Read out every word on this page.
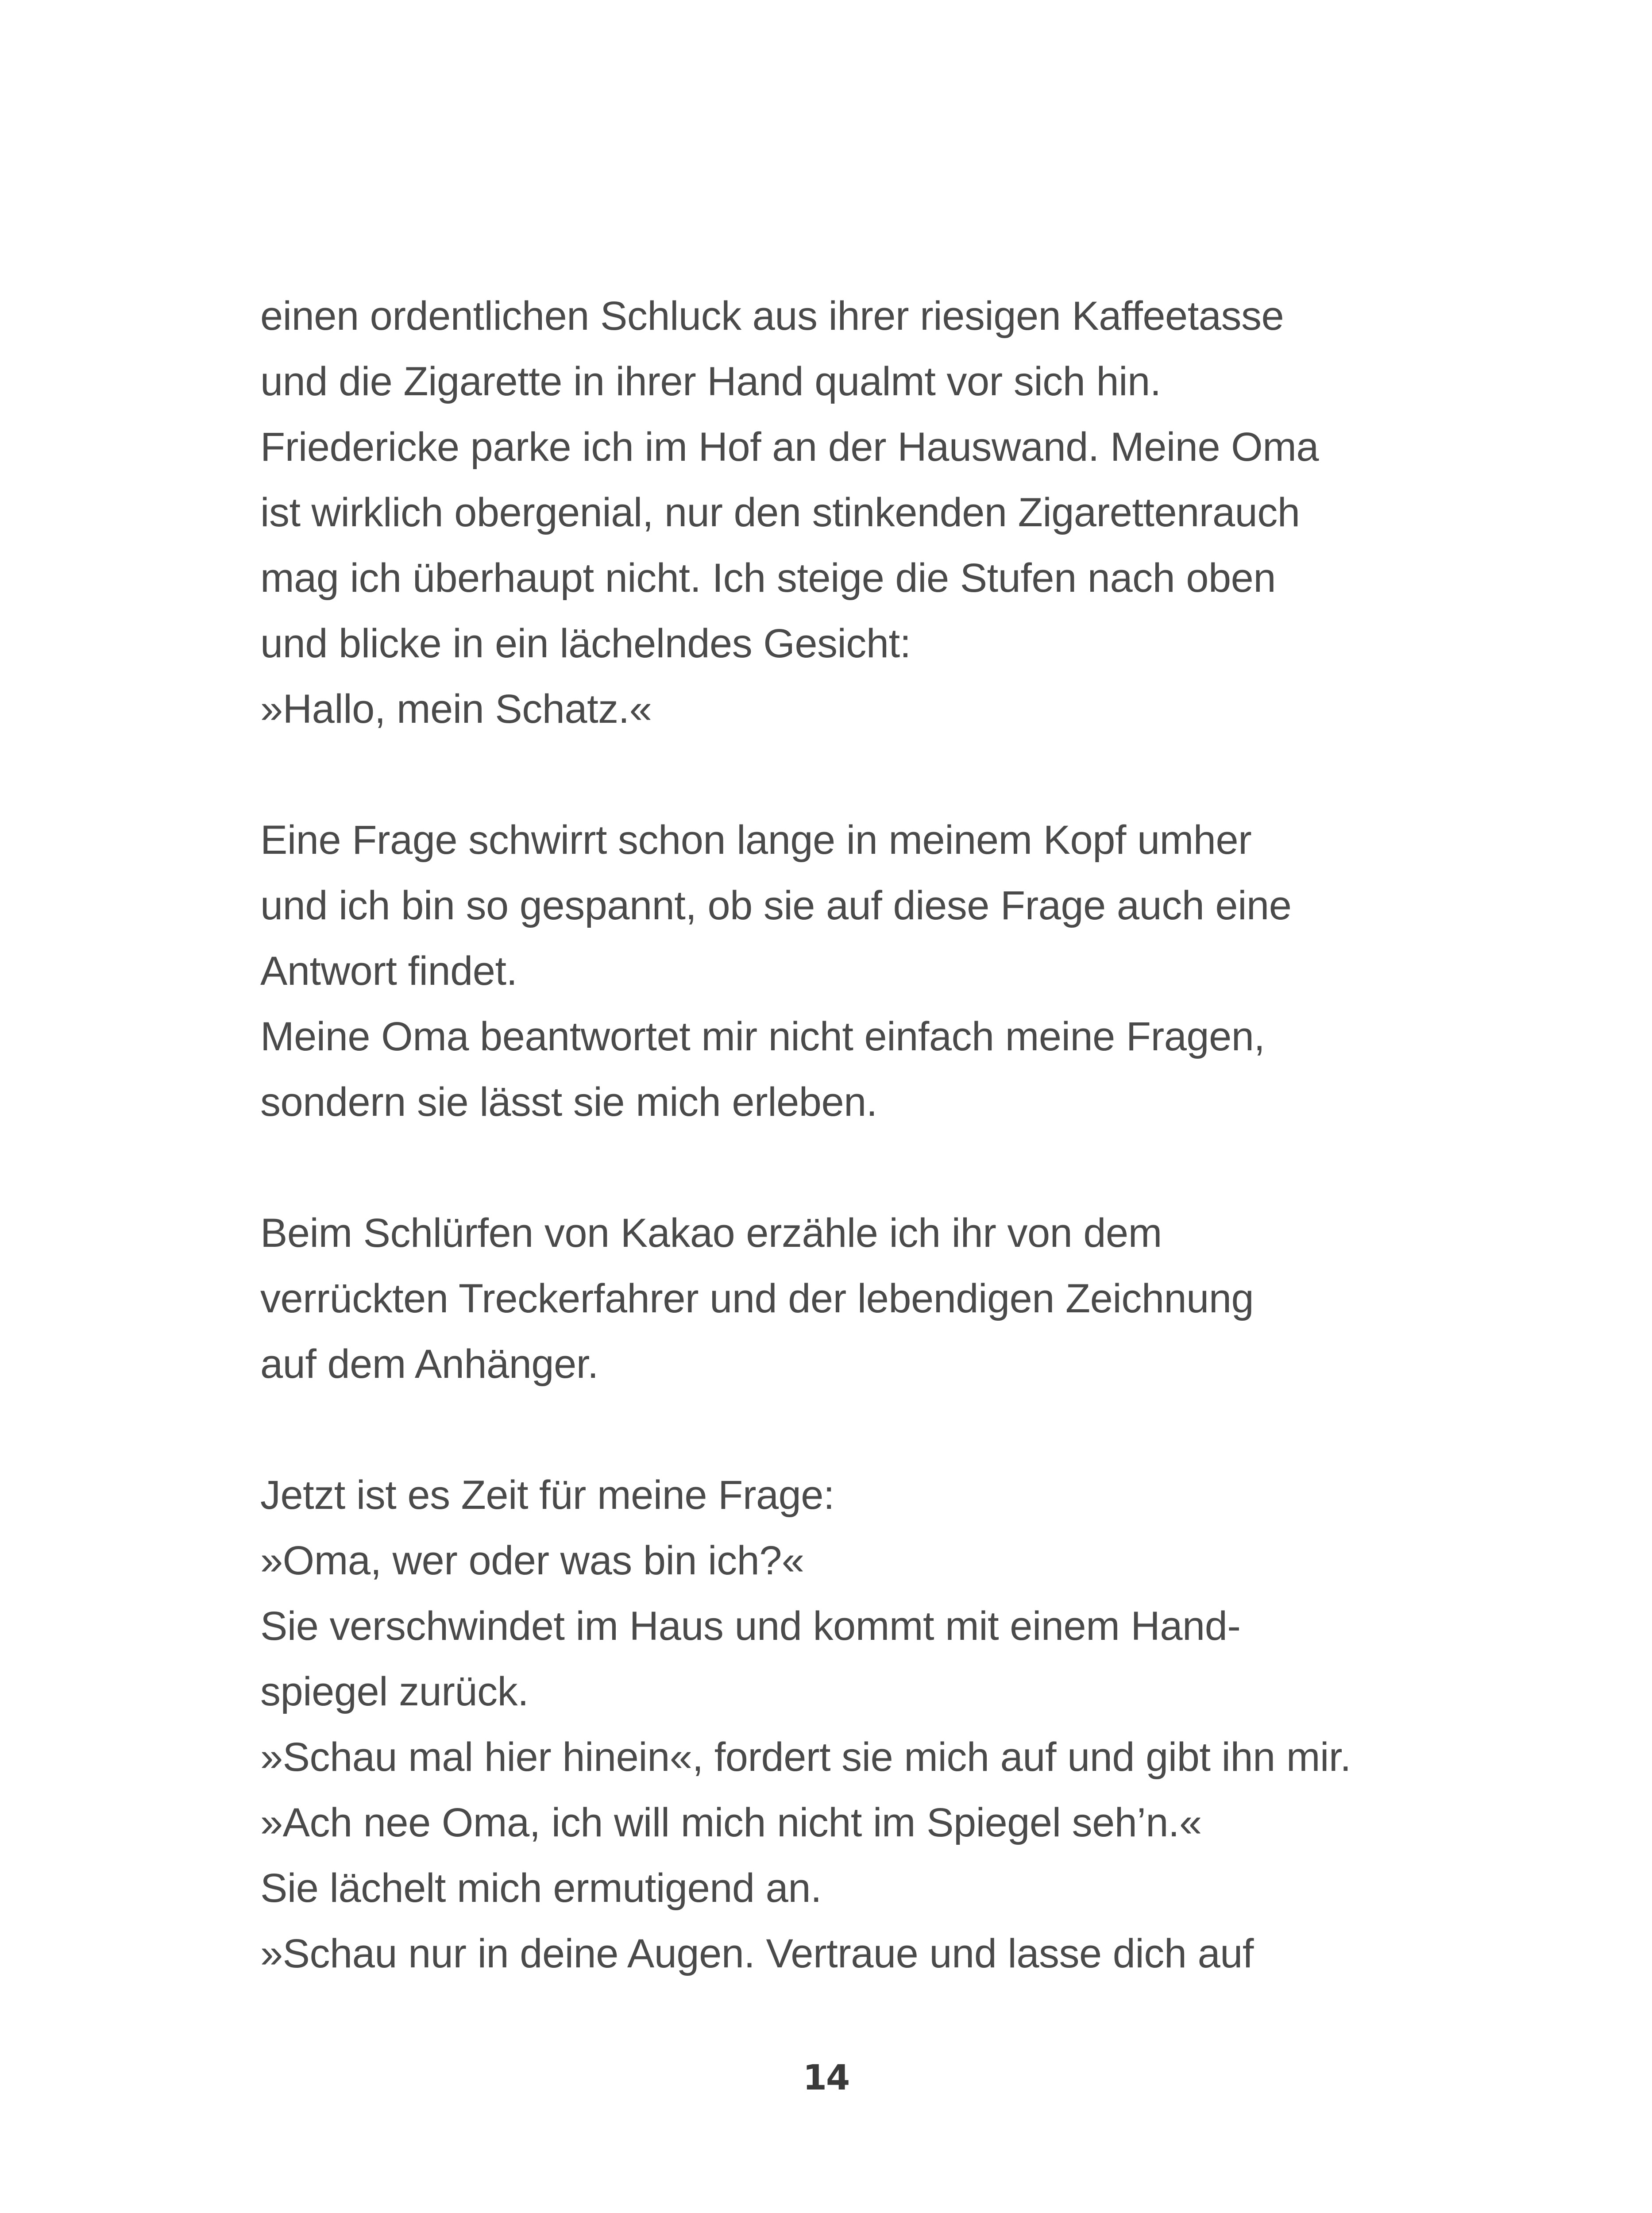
einen ordentlichen Schluck aus ihrer riesigen Kaffeetasse
und die Zigarette in ihrer Hand qualmt vor sich hin.
Friedericke parke ich im Hof an der Hauswand. Meine Oma
ist wirklich obergenial, nur den stinkenden Zigarettenrauch
mag ich überhaupt nicht. Ich steige die Stufen nach oben
und blicke in ein lächelndes Gesicht:
»Hallo, mein Schatz.«
Eine Frage schwirrt schon lange in meinem Kopf umher
und ich bin so gespannt, ob sie auf diese Frage auch eine
Antwort findet.
Meine Oma beantwortet mir nicht einfach meine Fragen,
sondern sie lässt sie mich erleben.
Beim Schlürfen von Kakao erzähle ich ihr von dem
verrückten Treckerfahrer und der lebendigen Zeichnung
auf dem Anhänger.
Jetzt ist es Zeit für meine Frage:
»Oma, wer oder was bin ich?«
Sie verschwindet im Haus und kommt mit einem Hand-
spiegel zurück.
»Schau mal hier hinein«, fordert sie mich auf und gibt ihn mir.
»Ach nee Oma, ich will mich nicht im Spiegel seh’n.«
Sie lächelt mich ermutigend an.
»Schau nur in deine Augen. Vertraue und lasse dich auf
14
